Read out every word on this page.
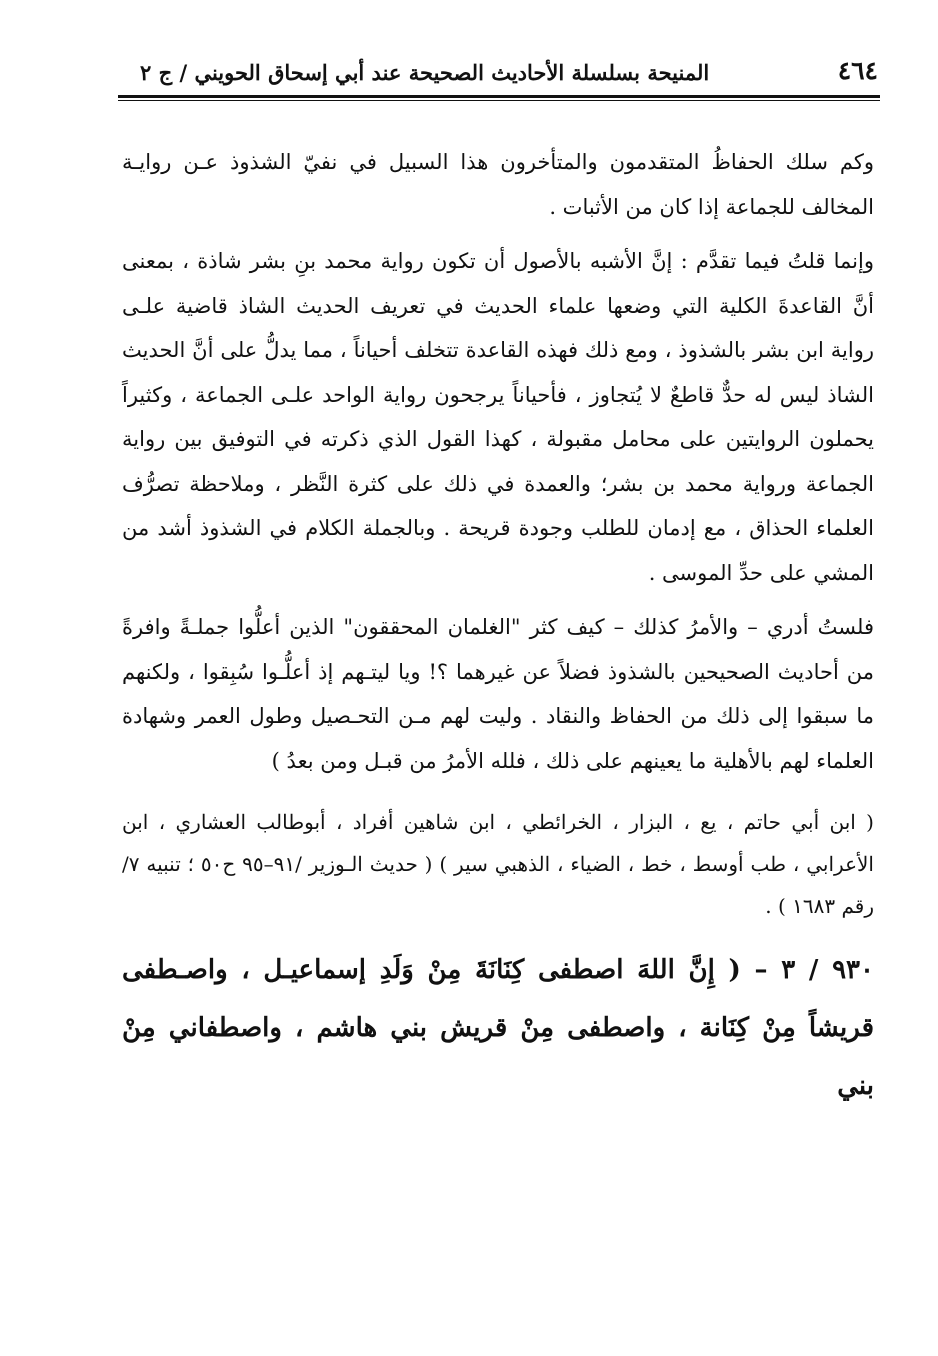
٤٦٤
المنيحة بسلسلة الأحاديث الصحيحة عند أبي إسحاق الحويني / ج ٢

وكم سلك الحفاظُ المتقدمون والمتأخرون هذا السبيل في نفيّ الشذوذ عـن روايـة المخالف للجماعة إذا كان من الأثبات .

وإنما قلتُ فيما تقدَّم : إنَّ الأشبه بالأصول أن تكون رواية محمد بنِ بشر شاذة ، بمعنى أنَّ القاعدةَ الكلية التي وضعها علماء الحديث في تعريف الحديث الشاذ قاضية علـى رواية ابن بشر بالشذوذ ، ومع ذلك فهذه القاعدة تتخلف أحياناً ، مما يدلُّ على أنَّ الحديث الشاذ ليس له حدٌّ قاطعٌ لا يُتجاوز ، فأحياناً يرجحون رواية الواحد علـى الجماعة ، وكثيراً يحملون الروايتين على محامل مقبولة ، كهذا القول الذي ذكرته في التوفيق بين رواية الجماعة ورواية محمد بن بشر؛ والعمدة في ذلك على كثرة النَّظر ، وملاحظة تصرُّف العلماء الحذاق ، مع إدمان للطلب وجودة قريحة . وبالجملة الكلام في الشذوذ أشد من المشي على حدِّ الموسى .

فلستُ أدري – والأمرُ كذلك – كيف كثر "الغلمان المحققون" الذين أعلُّوا جملـةً وافرةً من أحاديث الصحيحين بالشذوذ فضلاً عن غيرهما ؟! ويا ليتـهم إذ أعلُّـوا سُبِقوا ، ولكنهم ما سبقوا إلى ذلك من الحفاظ والنقاد . وليت لهم مـن التحـصيل وطول العمر وشهادة العلماء لهم بالأهلية ما يعينهم على ذلك ، فلله الأمرُ من قبـل ومن بعدُ )

( ابن أبي حاتم ، يع ، البزار ، الخرائطي ، ابن شاهين أفراد ، أبوطالب العشاري ، ابن الأعرابي ، طب أوسط ، خط ، الضياء ، الذهبي سير ) ( حديث الـوزير /٩١–٩٥ ح٥٠ ؛ تنبيه ٧/ رقم ١٦٨٣ ) .

٩٣٠ / ٣ – ( إِنَّ اللهَ اصطفى كِنَانَةَ مِنْ وَلَدِ إسماعيـل ، واصـطفى قريشاً مِنْ كِنَانة ، واصطفى مِنْ قريش بني هاشم ، واصطفاني مِنْ بني
